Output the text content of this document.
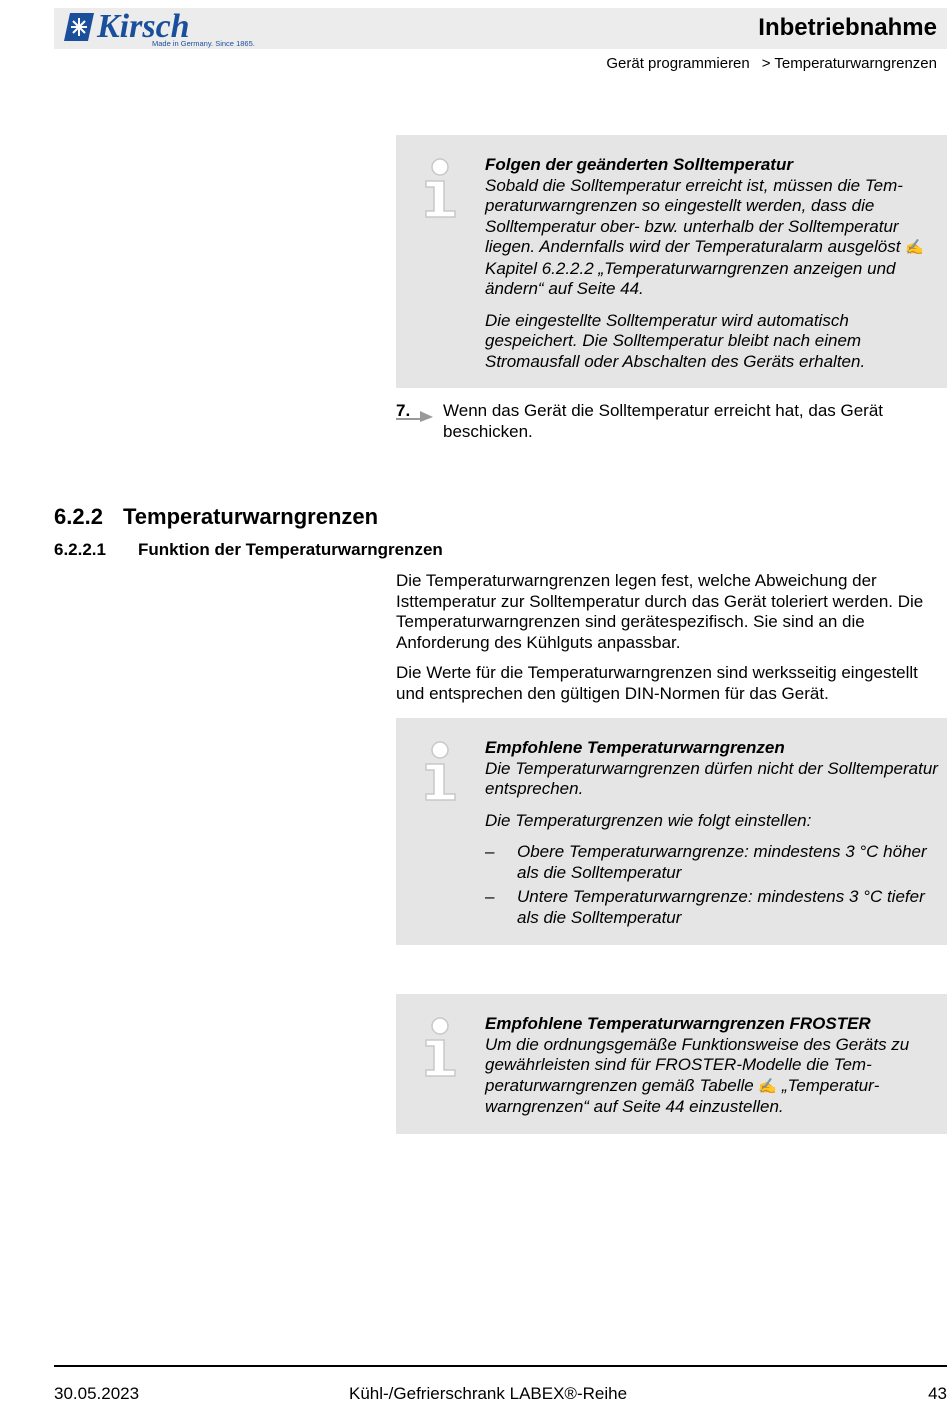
Kirsch
Made in Germany. Since 1865.
Inbetriebnahme
Gerät programmieren > Temperaturwarngrenzen
Folgen der geänderten Solltemperatur

Sobald die Solltemperatur erreicht ist, müssen die Temperaturwarngrenzen so eingestellt werden, dass die Solltemperatur ober- bzw. unterhalb der Solltemperatur liegen. Andernfalls wird der Temperaturalarm ausgelöst ✍ Kapitel 6.2.2.2 „Temperaturwarngrenzen anzeigen und ändern“ auf Seite 44.

Die eingestellte Solltemperatur wird automatisch gespeichert. Die Solltemperatur bleibt nach einem Stromausfall oder Abschalten des Geräts erhalten.

7. Wenn das Gerät die Solltemperatur erreicht hat, das Gerät beschicken.
6.2.2 Temperaturwarngrenzen
6.2.2.1 Funktion der Temperaturwarngrenzen

Die Temperaturwarngrenzen legen fest, welche Abweichung der Isttemperatur zur Solltemperatur durch das Gerät toleriert werden. Die Temperaturwarngrenzen sind gerätespezifisch. Sie sind an die Anforderung des Kühlguts anpassbar.

Die Werte für die Temperaturwarngrenzen sind werksseitig eingestellt und entsprechen den gültigen DIN-Normen für das Gerät.

Empfohlene Temperaturwarngrenzen

Die Temperaturwarngrenzen dürfen nicht der Solltemperatur entsprechen.

Die Temperaturgrenzen wie folgt einstellen:

– Obere Temperaturwarngrenze: mindestens 3 °C höher als die Solltemperatur
– Untere Temperaturwarngrenze: mindestens 3 °C tiefer als die Solltemperatur
Empfohlene Temperaturwarngrenzen FROSTER

Um die ordnungsgemäße Funktionsweise des Geräts zu gewährleisten sind für FROSTER-Modelle die Temperaturwarngrenzen gemäß Tabelle ✍ „Temperaturwarngrenzen“ auf Seite 44 einzustellen.

30.05.2023	Kühl-/Gefrierschrank LABEX®-Reihe	43
